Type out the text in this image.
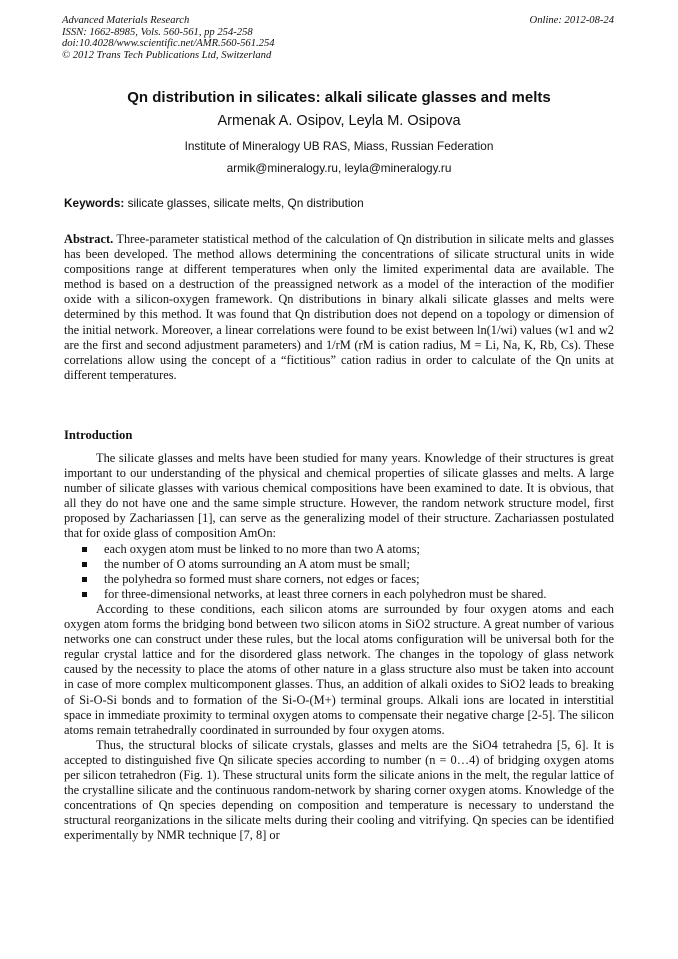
Advanced Materials Research
ISSN: 1662-8985, Vols. 560-561, pp 254-258
doi:10.4028/www.scientific.net/AMR.560-561.254
© 2012 Trans Tech Publications Ltd, Switzerland
Online: 2012-08-24
Qn distribution in silicates: alkali silicate glasses and melts
Armenak A. Osipov, Leyla M. Osipova
Institute of Mineralogy UB RAS, Miass, Russian Federation
armik@mineralogy.ru, leyla@mineralogy.ru
Keywords: silicate glasses, silicate melts, Qn distribution

Abstract. Three-parameter statistical method of the calculation of Qn distribution in silicate melts and glasses has been developed. The method allows determining the concentrations of silicate structural units in wide compositions range at different temperatures when only the limited experimental data are available. The method is based on a destruction of the preassigned network as a model of the interaction of the modifier oxide with a silicon-oxygen framework. Qn distributions in binary alkali silicate glasses and melts were determined by this method. It was found that Qn distribution does not depend on a topology or dimension of the initial network. Moreover, a linear correlations were found to be exist between ln(1/wi) values (w1 and w2 are the first and second adjustment parameters) and 1/rM (rM is cation radius, M = Li, Na, K, Rb, Cs). These correlations allow using the concept of a “fictitious” cation radius in order to calculate of the Qn units at different temperatures.

Introduction

The silicate glasses and melts have been studied for many years. Knowledge of their structures is great important to our understanding of the physical and chemical properties of silicate glasses and melts. A large number of silicate glasses with various chemical compositions have been examined to date. It is obvious, that all they do not have one and the same simple structure. However, the random network structure model, first proposed by Zachariassen [1], can serve as the generalizing model of their structure. Zachariassen postulated that for oxide glass of composition AmOn:

each oxygen atom must be linked to no more than two A atoms;
the number of O atoms surrounding an A atom must be small;
the polyhedra so formed must share corners, not edges or faces;
for three-dimensional networks, at least three corners in each polyhedron must be shared.

According to these conditions, each silicon atoms are surrounded by four oxygen atoms and each oxygen atom forms the bridging bond between two silicon atoms in SiO2 structure. A great number of various networks one can construct under these rules, but the local atoms configuration will be universal both for the regular crystal lattice and for the disordered glass network. The changes in the topology of glass network caused by the necessity to place the atoms of other nature in a glass structure also must be taken into account in case of more complex multicomponent glasses. Thus, an addition of alkali oxides to SiO2 leads to breaking of Si-O-Si bonds and to formation of the Si-O-(M+) terminal groups. Alkali ions are located in interstitial space in immediate proximity to terminal oxygen atoms to compensate their negative charge [2-5]. The silicon atoms remain tetrahedrally coordinated in surrounded by four oxygen atoms.

Thus, the structural blocks of silicate crystals, glasses and melts are the SiO4 tetrahedra [5, 6]. It is accepted to distinguished five Qn silicate species according to number (n = 0…4) of bridging oxygen atoms per silicon tetrahedron (Fig. 1). These structural units form the silicate anions in the melt, the regular lattice of the crystalline silicate and the continuous random-network by sharing corner oxygen atoms. Knowledge of the concentrations of Qn species depending on composition and temperature is necessary to understand the structural reorganizations in the silicate melts during their cooling and vitrifying. Qn species can be identified experimentally by NMR technique [7, 8] or
